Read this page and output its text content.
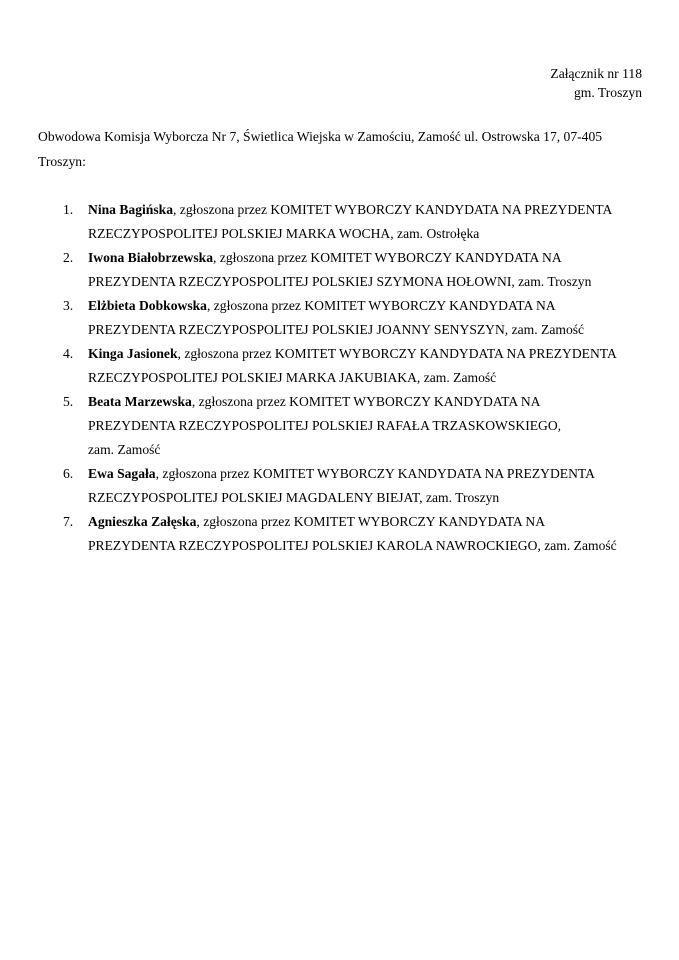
Załącznik nr 118
gm. Troszyn
Obwodowa Komisja Wyborcza Nr 7, Świetlica Wiejska w Zamościu, Zamość ul. Ostrowska 17, 07-405
Troszyn:
1.	Nina Bagińska, zgłoszona przez KOMITET WYBORCZY KANDYDATA NA PREZYDENTA
RZECZYPOSPOLITEJ POLSKIEJ MARKA WOCHA, zam. Ostrołęka
2.	Iwona Białobrzewska, zgłoszona przez KOMITET WYBORCZY KANDYDATA NA
PREZYDENTA RZECZYPOSPOLITEJ POLSKIEJ SZYMONA HOŁOWNI, zam. Troszyn
3.	Elżbieta Dobkowska, zgłoszona przez KOMITET WYBORCZY KANDYDATA NA
PREZYDENTA RZECZYPOSPOLITEJ POLSKIEJ JOANNY SENYSZYN, zam. Zamość
4.	Kinga Jasionek, zgłoszona przez KOMITET WYBORCZY KANDYDATA NA PREZYDENTA
RZECZYPOSPOLITEJ POLSKIEJ MARKA JAKUBIAKA, zam. Zamość
5.	Beata Marzewska, zgłoszona przez KOMITET WYBORCZY KANDYDATA NA
PREZYDENTA RZECZYPOSPOLITEJ POLSKIEJ RAFAŁA TRZASKOWSKIEGO,
zam. Zamość
6.	Ewa Sagała, zgłoszona przez KOMITET WYBORCZY KANDYDATA NA PREZYDENTA
RZECZYPOSPOLITEJ POLSKIEJ MAGDALENY BIEJAT, zam. Troszyn
7.	Agnieszka Załęska, zgłoszona przez KOMITET WYBORCZY KANDYDATA NA
PREZYDENTA RZECZYPOSPOLITEJ POLSKIEJ KAROLA NAWROCKIEGO, zam. Zamość
